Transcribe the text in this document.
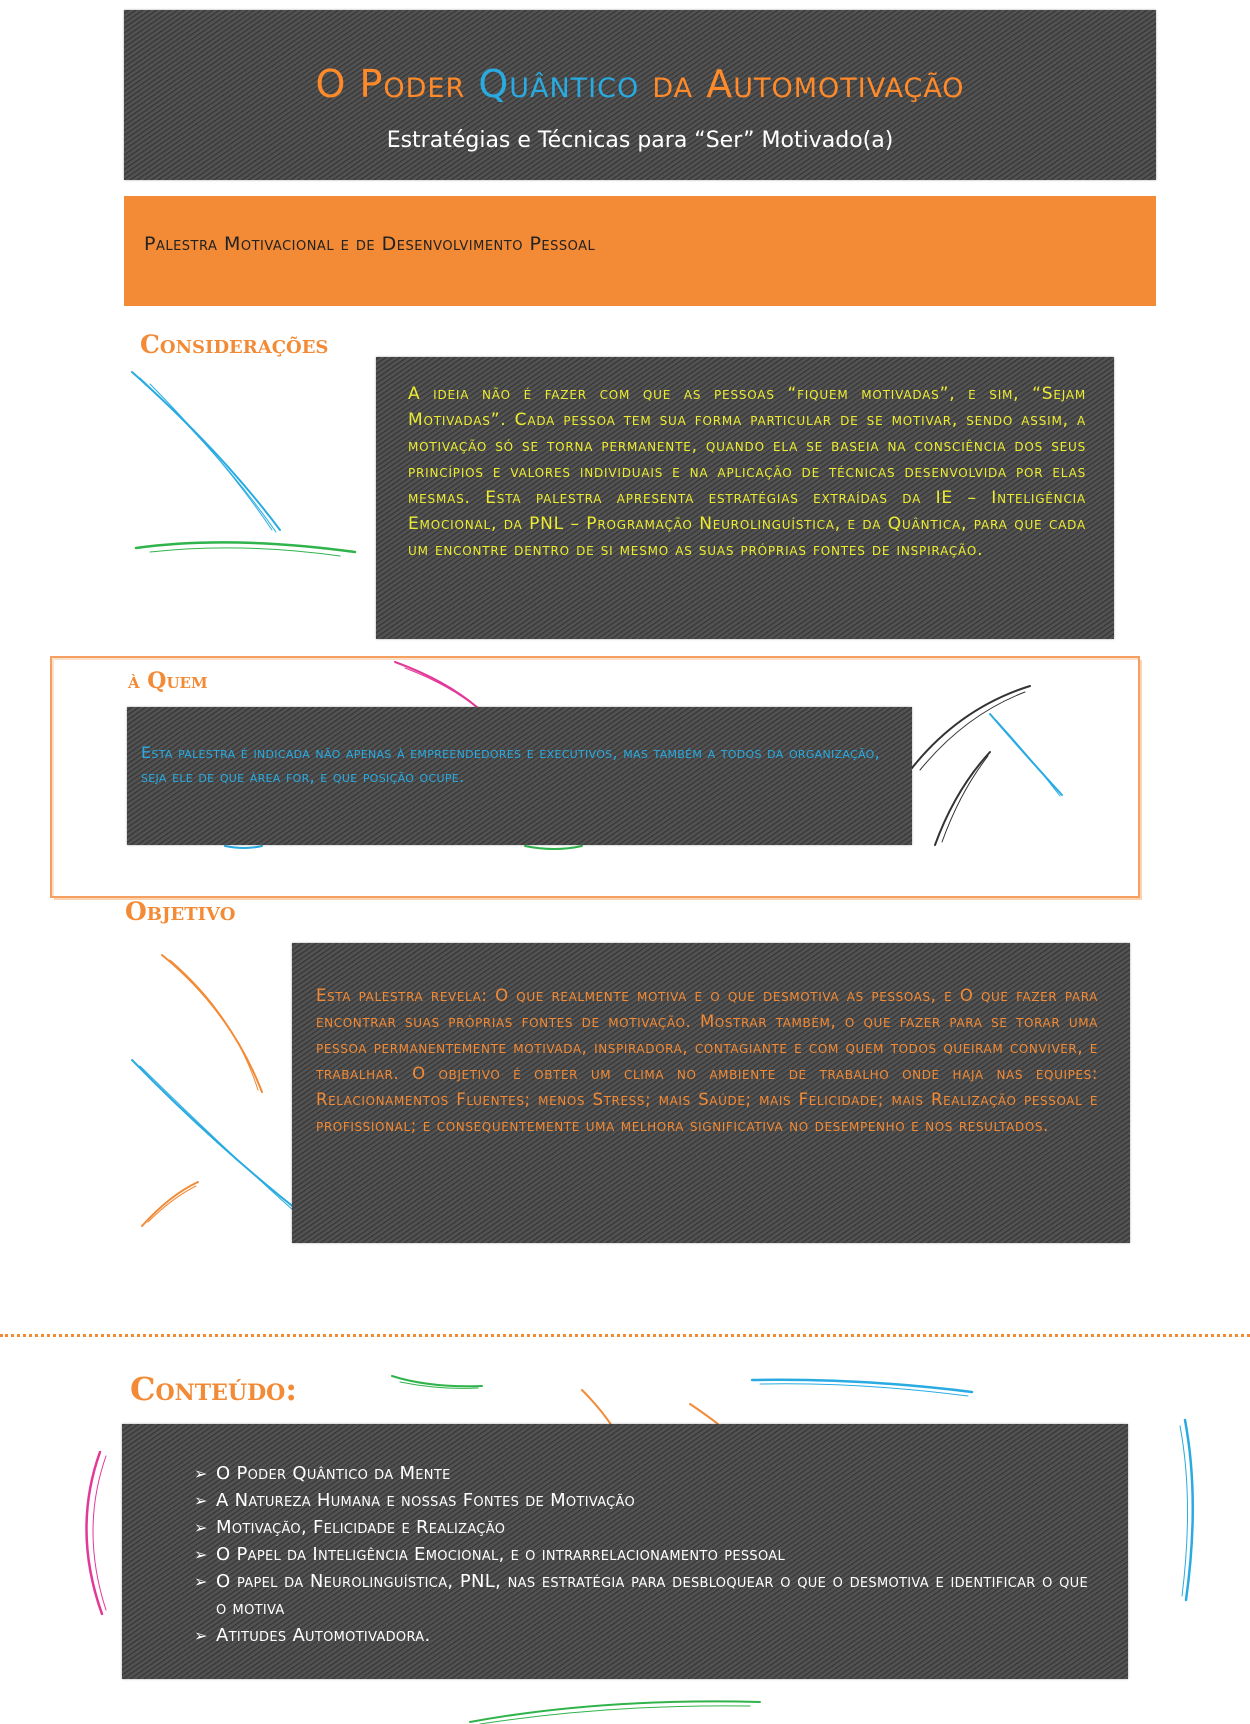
O Poder Quântico da Automotivação
Estratégias e Técnicas para “Ser” Motivado(a)
Palestra Motivacional e de Desenvolvimento Pessoal
Considerações
A ideia não é fazer com que as pessoas “fiquem motivadas”, e sim, “Sejam Motivadas”. Cada pessoa tem sua forma particular de se motivar, sendo assim, a motivação só se torna permanente, quando ela se baseia na consciência dos seus princípios e valores individuais e na aplicação de técnicas desenvolvida por elas mesmas. Esta palestra apresenta estratégias extraídas da IE – Inteligência Emocional, da PNL – Programação Neurolinguística, e da Quântica, para que cada um encontre dentro de si mesmo as suas próprias fontes de inspiração.
à Quem
Esta palestra é indicada não apenas à empreendedores e executivos, mas também a todos da organização, seja ele de que área for, e que posição ocupe.
Objetivo
Esta palestra revela: O que realmente motiva e o que desmotiva as pessoas, e O que fazer para encontrar suas próprias fontes de motivação. Mostrar também, o que fazer para se torar uma pessoa permanentemente motivada, inspiradora, contagiante e com quem todos queiram conviver, e trabalhar. O objetivo é obter um clima no ambiente de trabalho onde haja nas equipes: Relacionamentos Fluentes; menos Stress; mais Saúde; mais Felicidade; mais Realização pessoal e profissional; e consequentemente uma melhora significativa no desempenho e nos resultados.
Conteúdo:
➢ O Poder Quântico da Mente
➢ A Natureza Humana e nossas Fontes de Motivação
➢ Motivação, Felicidade e Realização
➢ O Papel da Inteligência Emocional, e o intrarrelacionamento pessoal
➢ O papel da Neurolinguística, PNL, nas estratégia para desbloquear o que o desmotiva e identificar o que o motiva
➢ Atitudes Automotivadora.
